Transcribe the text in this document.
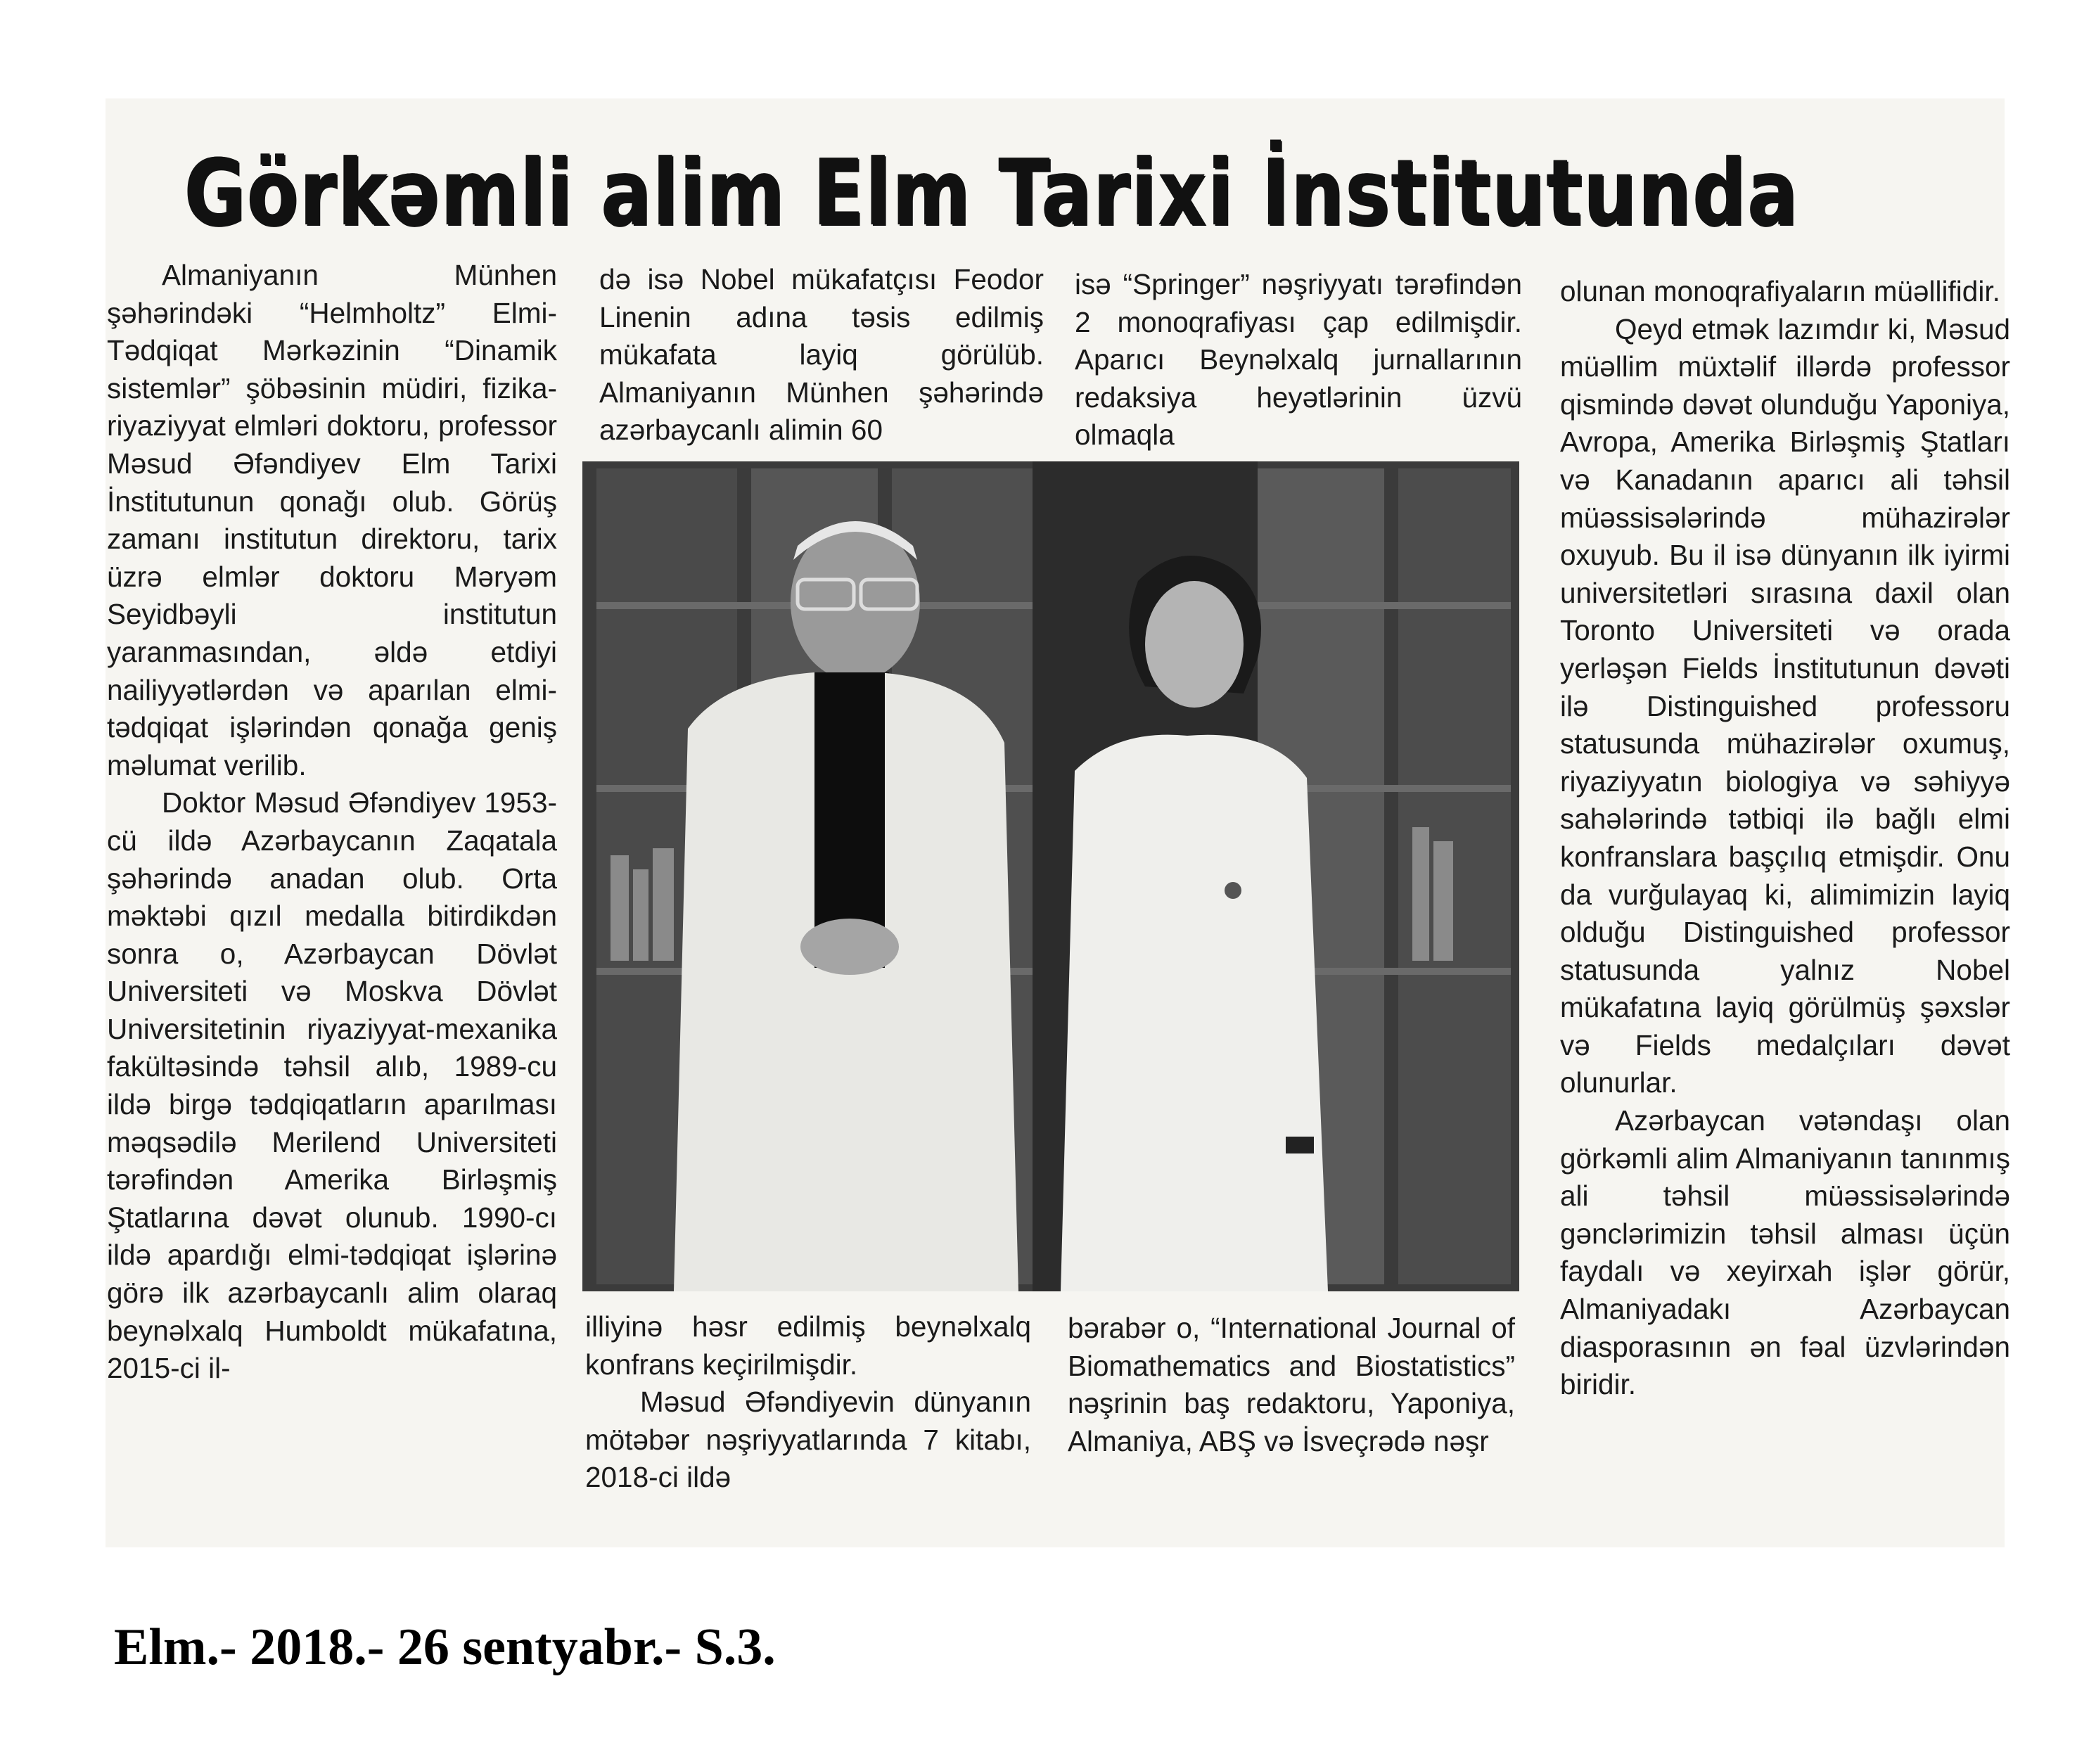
Görkəmli alim Elm Tarixi İnstitutunda

Almaniyanın Münhen şəhərindəki “Helmholtz” Elmi-Tədqiqat Mərkəzinin “Dinamik sistemlər” şöbəsinin müdiri, fizika-riyaziyyat elmləri doktoru, professor Məsud Əfəndiyev Elm Tarixi İnstitutunun qonağı olub. Görüş zamanı institutun direktoru, tarix üzrə elmlər doktoru Məryəm Seyidbəyli institutun yaranmasından, əldə etdiyi nailiyyətlərdən və aparılan elmi-tədqiqat işlərindən qonağa geniş məlumat verilib.

Doktor Məsud Əfəndiyev 1953-cü ildə Azərbaycanın Zaqatala şəhərində anadan olub. Orta məktəbi qızıl medalla bitirdikdən sonra o, Azərbaycan Dövlət Universiteti və Moskva Dövlət Universitetinin riyaziyyat-mexanika fakültəsində təhsil alıb, 1989-cu ildə birgə tədqiqatların aparılması məqsədilə Merilend Universiteti tərəfindən Amerika Birləşmiş Ştatlarına dəvət olunub. 1990-cı ildə apardığı elmi-tədqiqat işlərinə görə ilk azərbaycanlı alim olaraq beynəlxalq Humboldt mükafatına, 2015-ci il-

də isə Nobel mükafatçısı Feodor Linenin adına təsis edilmiş mükafata layiq görülüb. Almaniyanın Münhen şəhərində azərbaycanlı alimin 60

isə “Springer” nəşriyyatı tərəfindən 2 monoqrafiyası çap edilmişdir. Aparıcı Beynəlxalq jurnallarının redaksiya heyətlərinin üzvü olmaqla

illiyinə həsr edilmiş beynəlxalq konfrans keçirilmişdir.

Məsud Əfəndiyevin dünyanın mötəbər nəşriyyatlarında 7 kitabı, 2018-ci ildə

bərabər o, “International Journal of Biomathematics and Biostatistics” nəşrinin baş redaktoru, Yaponiya, Almaniya, ABŞ və İsveçrədə nəşr

olunan monoqrafiyaların müəllifidir.

Qeyd etmək lazımdır ki, Məsud müəllim müxtəlif illərdə professor qismində dəvət olunduğu Yaponiya, Avropa, Amerika Birləşmiş Ştatları və Kanadanın aparıcı ali təhsil müəssisələrində mühazirələr oxuyub. Bu il isə dünyanın ilk iyirmi universitetləri sırasına daxil olan Toronto Universiteti və orada yerləşən Fields İnstitutunun dəvəti ilə Distinguished professoru statusunda mühazirələr oxumuş, riyaziyyatın biologiya və səhiyyə sahələrində tətbiqi ilə bağlı elmi konfranslara başçılıq etmişdir. Onu da vurğulayaq ki, alimimizin layiq olduğu Distinguished professor statusunda yalnız Nobel mükafatına layiq görülmüş şəxslər və Fields medalçıları dəvət olunurlar.

Azərbaycan vətəndaşı olan görkəmli alim Almaniyanın tanınmış ali təhsil müəssisələrində gənclərimizin təhsil alması üçün faydalı və xeyirxah işlər görür, Almaniyadakı Azərbaycan diasporasının ən fəal üzvlərindən biridir.

Elm.- 2018.- 26 sentyabr.- S.3.
